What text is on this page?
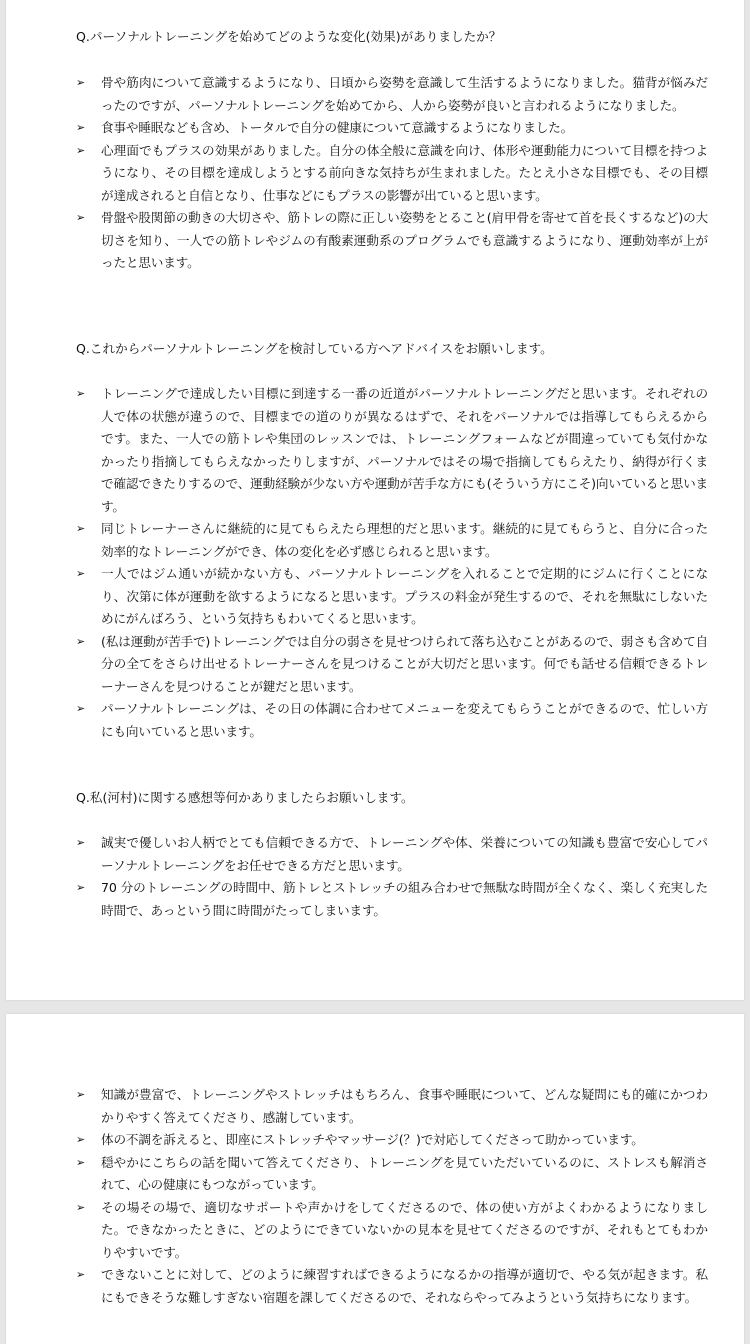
Q.パーソナルトレーニングを始めてどのような変化(効果)がありましたか？
➢ 骨や筋肉について意識するようになり、日頃から姿勢を意識して生活するようになりました。猫背が悩みだったのですが、パーソナルトレーニングを始めてから、人から姿勢が良いと言われるようになりました。
➢ 食事や睡眠なども含め、トータルで自分の健康について意識するようになりました。
➢ 心理面でもプラスの効果がありました。自分の体全般に意識を向け、体形や運動能力について目標を持つようになり、その目標を達成しようとする前向きな気持ちが生まれました。たとえ小さな目標でも、その目標が達成されると自信となり、仕事などにもプラスの影響が出ていると思います。
➢ 骨盤や股関節の動きの大切さや、筋トレの際に正しい姿勢をとること(肩甲骨を寄せて首を長くするなど)の大切さを知り、一人での筋トレやジムの有酸素運動系のプログラムでも意識するようになり、運動効率が上がったと思います。
Q.これからパーソナルトレーニングを検討している方へアドバイスをお願いします。
➢ トレーニングで達成したい目標に到達する一番の近道がパーソナルトレーニングだと思います。それぞれの人で体の状態が違うので、目標までの道のりが異なるはずで、それをパーソナルでは指導してもらえるからです。また、一人での筋トレや集団のレッスンでは、トレーニングフォームなどが間違っていても気付かなかったり指摘してもらえなかったりしますが、パーソナルではその場で指摘してもらえたり、納得が行くまで確認できたりするので、運動経験が少ない方や運動が苦手な方にも(そういう方にこそ)向いていると思います。
➢ 同じトレーナーさんに継続的に見てもらえたら理想的だと思います。継続的に見てもらうと、自分に合った効率的なトレーニングができ、体の変化を必ず感じられると思います。
➢ 一人ではジム通いが続かない方も、パーソナルトレーニングを入れることで定期的にジムに行くことになり、次第に体が運動を欲するようになると思います。プラスの料金が発生するので、それを無駄にしないためにがんばろう、という気持ちもわいてくると思います。
➢ (私は運動が苦手で)トレーニングでは自分の弱さを見せつけられて落ち込むことがあるので、弱さも含めて自分の全てをさらけ出せるトレーナーさんを見つけることが大切だと思います。何でも話せる信頼できるトレーナーさんを見つけることが鍵だと思います。
➢ パーソナルトレーニングは、その日の体調に合わせてメニューを変えてもらうことができるので、忙しい方にも向いていると思います。
Q.私(河村)に関する感想等何かありましたらお願いします。
➢ 誠実で優しいお人柄でとても信頼できる方で、トレーニングや体、栄養についての知識も豊富で安心してパーソナルトレーニングをお任せできる方だと思います。
➢ 70 分のトレーニングの時間中、筋トレとストレッチの組み合わせで無駄な時間が全くなく、楽しく充実した時間で、あっという間に時間がたってしまいます。
➢ 知識が豊富で、トレーニングやストレッチはもちろん、食事や睡眠について、どんな疑問にも的確にかつわかりやすく答えてくださり、感謝しています。
➢ 体の不調を訴えると、即座にストレッチやマッサージ(？)で対応してくださって助かっています。
➢ 穏やかにこちらの話を聞いて答えてくださり、トレーニングを見ていただいているのに、ストレスも解消されて、心の健康にもつながっています。
➢ その場その場で、適切なサポートや声かけをしてくださるので、体の使い方がよくわかるようになりました。できなかったときに、どのようにできていないかの見本を見せてくださるのですが、それもとてもわかりやすいです。
➢ できないことに対して、どのように練習すればできるようになるかの指導が適切で、やる気が起きます。私にもできそうな難しすぎない宿題を課してくださるので、それならやってみようという気持ちになります。
